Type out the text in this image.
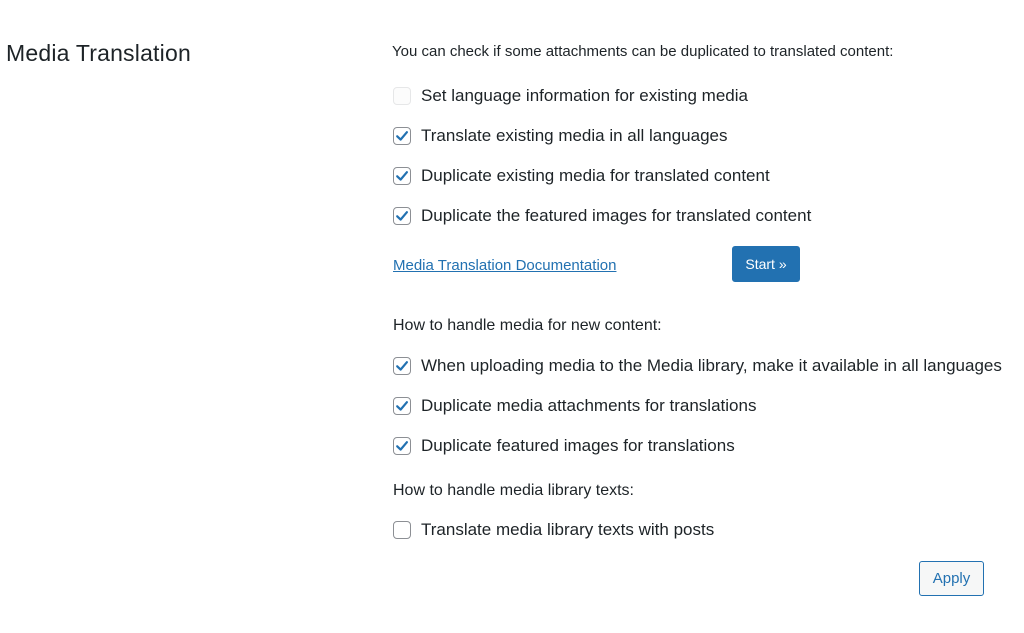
Media Translation	You can check if some attachments can be duplicated to translated content:
Set language information for existing media
Translate existing media in all languages
Duplicate existing media for translated content
Duplicate the featured images for translated content
Media Translation Documentation	Start »
How to handle media for new content:
When uploading media to the Media library, make it available in all languages
Duplicate media attachments for translations
Duplicate featured images for translations
How to handle media library texts:
Translate media library texts with posts
Apply
